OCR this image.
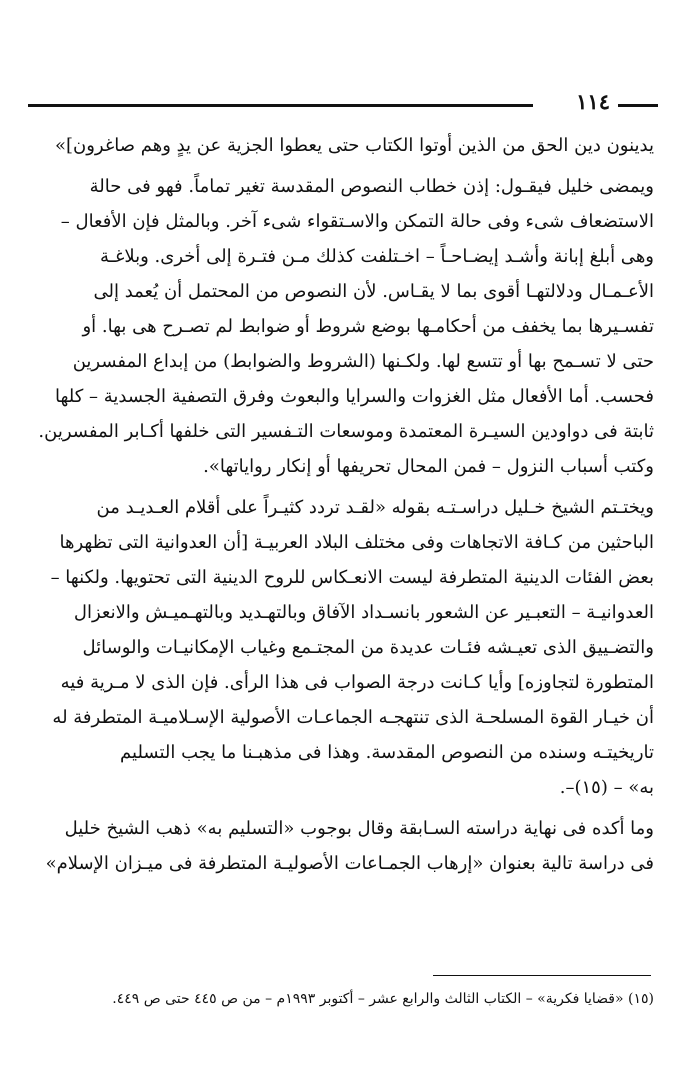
١١٤
يدينون دين الحق من الذين أوتوا الكتاب حتى يعطوا الجزية عن يدٍ وهم صاغرون]»
ويمضى خليل فيقـول: إذن خطاب النصوص المقدسة تغير تماماً. فهو فى حالة
الاستضعاف شىء وفى حالة التمكن والاسـتقواء شىء آخر. وبالمثل فإن الأفعال –
وهى أبلغ إبانة وأشـد إيضـاحـاً – اخـتلفت كذلك مـن فتـرة إلى أخرى. وبلاغـة
الأعـمـال ودلالتهـا أقوى بما لا يقـاس. لأن النصوص من المحتمل أن يُعمد إلى
تفسـيرها بما يخفف من أحكامـها بوضع شروط أو ضوابط لم تصـرح هى بها. أو
حتى لا تسـمح بها أو تتسع لها. ولكـنها (الشروط والضوابط) من إبداع المفسرين
فحسب. أما الأفعال مثل الغزوات والسرايا والبعوث وفرق التصفية الجسدية – كلها
ثابتة فى دواودين السيـرة المعتمدة وموسعات التـفسير التى خلفها أكـابر المفسرين.
وكتب أسباب النزول – فمن المحال تحريفها أو إنكار رواياتها».
ويختـتم الشيخ خـليل دراسـتـه بقوله «لقـد تردد كثيـراً على أقلام العـديـد من
الباحثين من كـافة الاتجاهات وفى مختلف البلاد العربيـة [أن العدوانية التى تظهرها
بعض الفئات الدينية المتطرفة ليست الانعـكاس للروح الدينية التى تحتويها. ولكنها –
العدوانيـة – التعبـير عن الشعور بانسـداد الآفاق وبالتهـديد وبالتهـميـش والانعزال
والتضـييق الذى تعيـشه فئـات عديدة من المجتـمع وغياب الإمكانيـات والوسائل
المتطورة لتجاوزه] وأيا كـانت درجة الصواب فى هذا الرأى. فإن الذى لا مـرية فيه
أن خيـار القوة المسلحـة الذى تنتهجـه الجماعـات الأصولية الإسـلاميـة المتطرفة له
تاريخيتـه وسنده من النصوص المقدسة. وهذا فى مذهبـنا ما يجب التسليم
به» – (١٥)–.
وما أكده فى نهاية دراسته السـابقة وقال بوجوب «التسليم به» ذهب الشيخ خليل
فى دراسة تالية بعنوان «إرهاب الجمـاعات الأصوليـة المتطرفة فى ميـزان الإسلام»
(١٥) «قضايا فكرية» – الكتاب الثالث والرابع عشر – أكتوبر ١٩٩٣م – من ص ٤٤٥ حتى ص ٤٤٩.
